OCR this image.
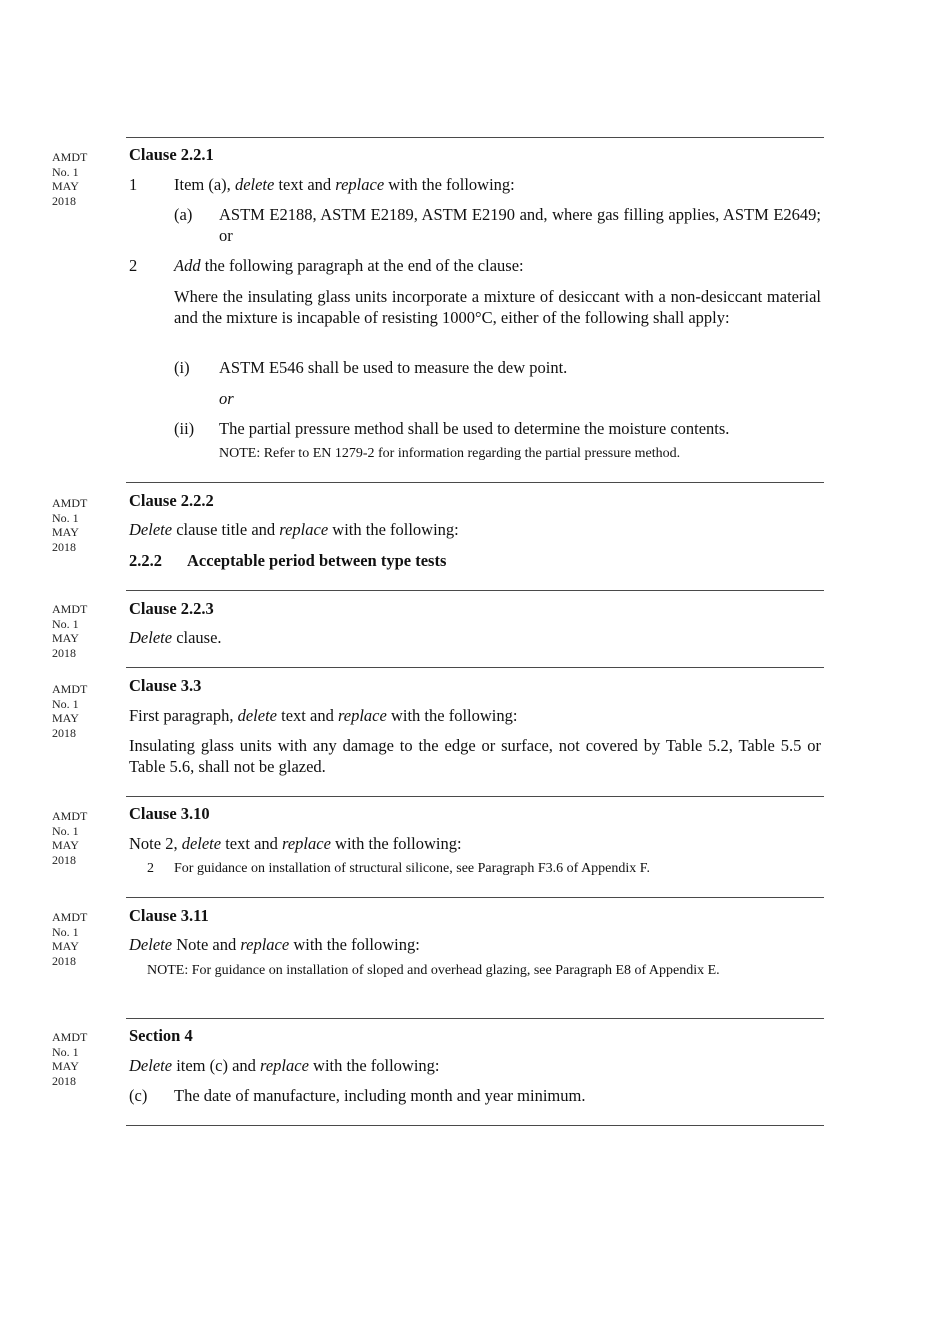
AMDT
No. 1
MAY
2018
Clause 2.2.1
1 Item (a), delete text and replace with the following:
(a) ASTM E2188, ASTM E2189, ASTM E2190 and, where gas filling applies, ASTM E2649; or
2 Add the following paragraph at the end of the clause:
Where the insulating glass units incorporate a mixture of desiccant with a non-desiccant material and the mixture is incapable of resisting 1000°C, either of the following shall apply:
(i) ASTM E546 shall be used to measure the dew point.
or
(ii) The partial pressure method shall be used to determine the moisture contents.
NOTE: Refer to EN 1279-2 for information regarding the partial pressure method.
AMDT
No. 1
MAY
2018
Clause 2.2.2
Delete clause title and replace with the following:
2.2.2 Acceptable period between type tests
AMDT
No. 1
MAY
2018
Clause 2.2.3
Delete clause.
AMDT
No. 1
MAY
2018
Clause 3.3
First paragraph, delete text and replace with the following:
Insulating glass units with any damage to the edge or surface, not covered by Table 5.2, Table 5.5 or Table 5.6, shall not be glazed.
AMDT
No. 1
MAY
2018
Clause 3.10
Note 2, delete text and replace with the following:
2 For guidance on installation of structural silicone, see Paragraph F3.6 of Appendix F.
AMDT
No. 1
MAY
2018
Clause 3.11
Delete Note and replace with the following:
NOTE: For guidance on installation of sloped and overhead glazing, see Paragraph E8 of Appendix E.
AMDT
No. 1
MAY
2018
Section 4
Delete item (c) and replace with the following:
(c) The date of manufacture, including month and year minimum.
